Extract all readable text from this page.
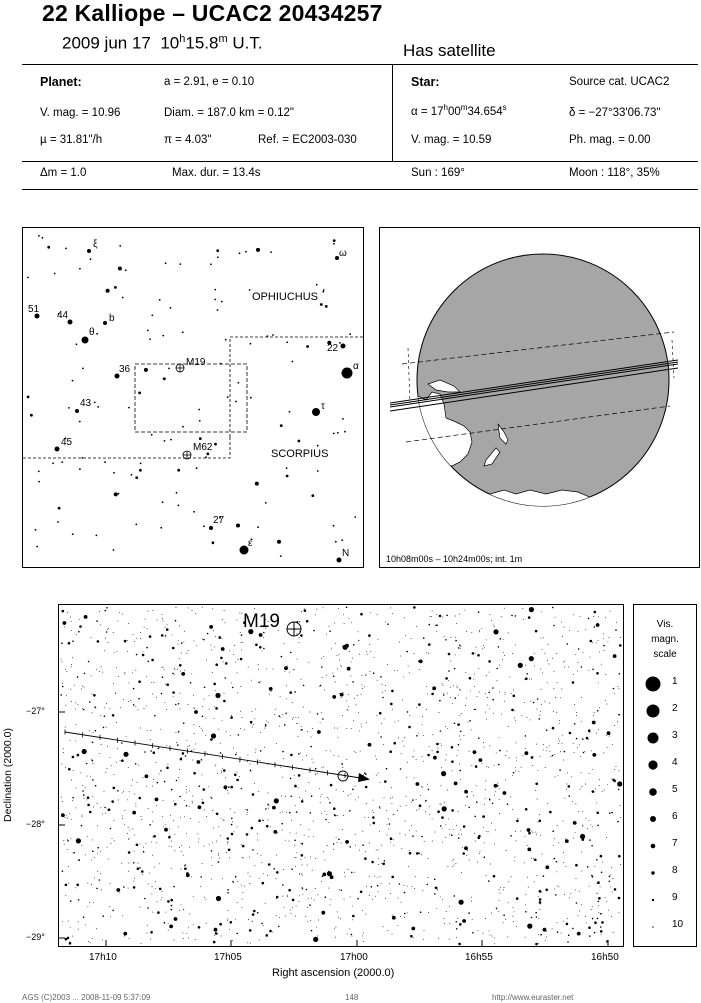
22 Kalliope – UCAC2 20434257
2009 jun 17 10$^h$15.8$^m$ U.T.	Has satellite
Planet:	a = 2.91, e = 0.10
V. mag. = 10.96	Diam. = 187.0 km = 0.12"
µ = 31.81"/h	π = 4.03"	Ref. = EC2003-030
Star:	Source cat. UCAC2
$\alpha = 17^h00^m34.654^s$	δ = −27°33'06.73"
V. mag. = 10.59	Ph. mag. = 0.00
Δm = 1.0	Max. dur. = 13.4s	Sun : 169°	Moon : 118°, 35%
OPHIUCHUS
SCORPIUS
ξ
ω
51
44
θ
b
36
M19
22
α
43	τ
45	M62
27
ε
N	10h08m00s – 10h24m00s; int. 1m
Declination (2000.0)
M19
−27°
−28°
−29°
17h10	17h05	17h00	16h55	16h50
Right ascension (2000.0)
Vis.
magn.
scale
1
2
3
4
5
6
7
8
9
10
AGS (C)2003 ... 2008-11-09 5:37:09	148	http://www.euraster.net
